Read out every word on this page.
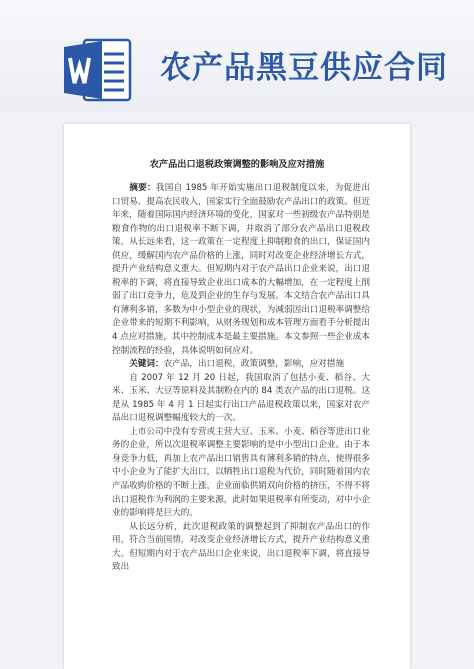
农产品黑豆供应合同
农产品出口退税政策调整的影响及应对措施

摘要：我国自 1985 年开始实施出口退税制度以来，为促进出口贸易、提高农民收入，国家实行全面鼓励农产品出口的政策。但近年来，随着国际国内经济环境的变化，国家对一些初级农产品特别是粮食作物的出口退税率不断下调，并取消了部分农产品出口退税政策，从长远来看，这一政策在一定程度上抑制粮食的出口，保证国内供应，缓解国内农产品价格的上涨，同时对改变企业经济增长方式，提升产业结构意义重大。但短期内对于农产品出口企业来说，出口退税率的下调，将直接导致企业出口成本的大幅增加，在一定程度上削弱了出口竞争力，危及到企业的生存与发展。本文结合农产品出口具有薄利多销，多数为中小型企业的现状，为减弱因出口退税率调整给企业带来的短期不利影响，从财务规划和成本管理方面看手分析提出 4 点应对措施，其中控制成本是最主要措施。本文参照一些企业成本控制流程的经验，具体说明如何应对。

关键词：农产品，出口退税，政策调整，影响，应对措施

自 2007 年 12 月 20 日起，我国取消了包括小麦、稻谷、大米、玉米、大豆等原料及其制粉在内的 84 类农产品的出口退税。这是从 1985 年 4 月 1 日起实行出口产品退税政策以来，国家对农产品出口退税调整幅度较大的一次。

上市公司中没有专营或主营大豆、玉米、小麦、稻谷等进出口业务的企业，所以次退税率调整主要影响的是中小型出口企业。由于本身竞争力低，再加上农产品出口销售具有薄利多销的特点，使得很多中小企业为了能扩大出口，以牺牲出口退税为代价，同时随着国内农产品收购价格的不断上涨，企业面临供销双向价格的挤压，不得不将出口退税作为利润的主要来源，此时如果退税率有所变动，对中小企业的影响将是巨大的。

从长远分析，此次退税政策的调整起到了抑制农产品出口的作用，符合当前国情，对改变企业经济增长方式，提升产业结构意义重大。但短期内对于农产品出口企业来说，出口退税率下调，将直接导致出
